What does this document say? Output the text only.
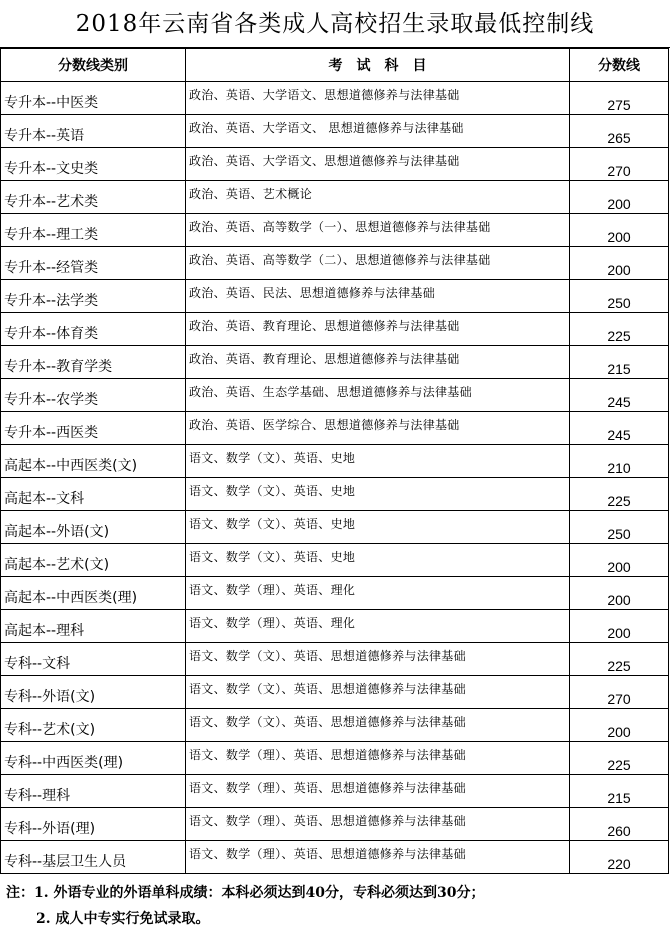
2018年云南省各类成人高校招生录取最低控制线
分数线类别	考　试　科　目	分数线
专升本--中医类	政治、英语、大学语文、思想道德修养与法律基础	275
专升本--英语	政治、英语、大学语文、 思想道德修养与法律基础	265
专升本--文史类	政治、英语、大学语文、思想道德修养与法律基础	270
专升本--艺术类	政治、英语、艺术概论	200
专升本--理工类	政治、英语、高等数学（一）、思想道德修养与法律基础	200
专升本--经管类	政治、英语、高等数学（二）、思想道德修养与法律基础	200
专升本--法学类	政治、英语、民法、思想道德修养与法律基础	250
专升本--体育类	政治、英语、教育理论、思想道德修养与法律基础	225
专升本--教育学类	政治、英语、教育理论、思想道德修养与法律基础	215
专升本--农学类	政治、英语、生态学基础、思想道德修养与法律基础	245
专升本--西医类	政治、英语、医学综合、思想道德修养与法律基础	245
高起本--中西医类(文)	语文、数学（文）、英语、史地	210
高起本--文科	语文、数学（文）、英语、史地	225
高起本--外语(文)	语文、数学（文）、英语、史地	250
高起本--艺术(文)	语文、数学（文）、英语、史地	200
高起本--中西医类(理)	语文、数学（理）、英语、理化	200
高起本--理科	语文、数学（理）、英语、理化	200
专科--文科	语文、数学（文）、英语、思想道德修养与法律基础	225
专科--外语(文)	语文、数学（文）、英语、思想道德修养与法律基础	270
专科--艺术(文)	语文、数学（文）、英语、思想道德修养与法律基础	200
专科--中西医类(理)	语文、数学（理）、英语、思想道德修养与法律基础	225
专科--理科	语文、数学（理）、英语、思想道德修养与法律基础	215
专科--外语(理)	语文、数学（理）、英语、思想道德修养与法律基础	260
专科--基层卫生人员	语文、数学（理）、英语、思想道德修养与法律基础	220
注：1. 外语专业的外语单科成绩：本科必须达到40分，专科必须达到30分；
2. 成人中专实行免试录取。
